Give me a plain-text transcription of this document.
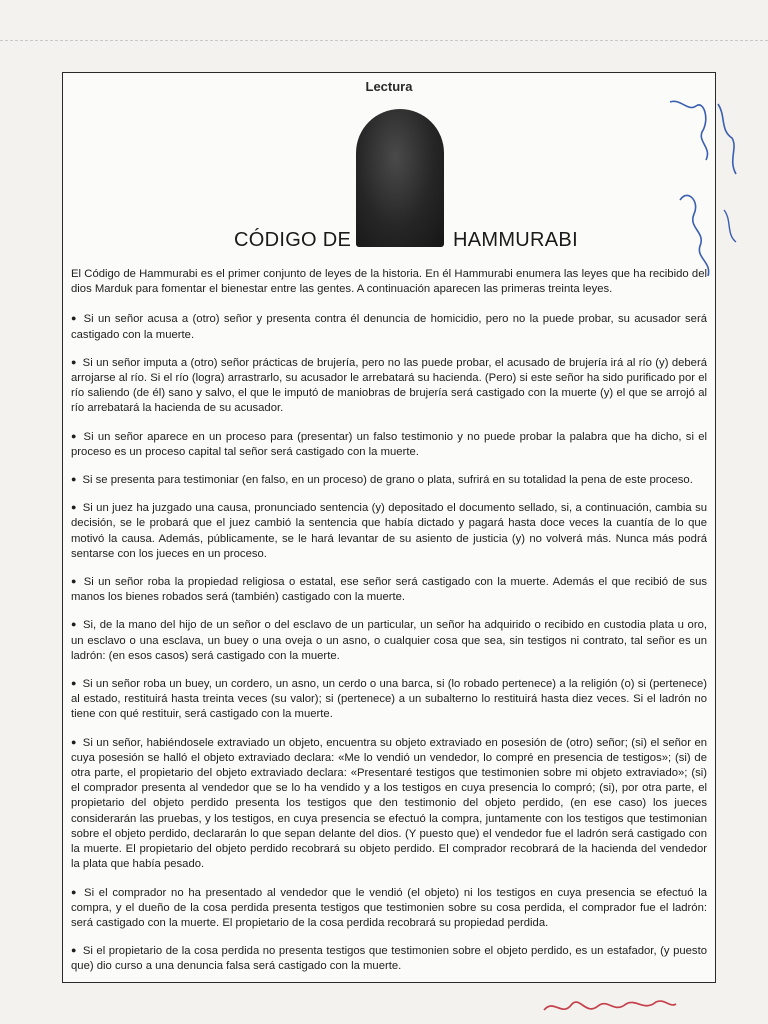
Lectura
CÓDIGO DE	HAMMURABI

El Código de Hammurabi es el primer conjunto de leyes de la historia. En él Hammurabi enumera las leyes que ha recibido del dios Marduk para fomentar el bienestar entre las gentes. A continuación aparecen las primeras treinta leyes.

● Si un señor acusa a (otro) señor y presenta contra él denuncia de homicidio, pero no la puede probar, su acusador será castigado con la muerte.

● Si un señor imputa a (otro) señor prácticas de brujería, pero no las puede probar, el acusado de brujería irá al río (y) deberá arrojarse al río. Si el río (logra) arrastrarlo, su acusador le arrebatará su hacienda. (Pero) si este señor ha sido purificado por el río saliendo (de él) sano y salvo, el que le imputó de maniobras de brujería será castigado con la muerte (y) el que se arrojó al río arrebatará la hacienda de su acusador.

● Si un señor aparece en un proceso para (presentar) un falso testimonio y no puede probar la palabra que ha dicho, si el proceso es un proceso capital tal señor será castigado con la muerte.

● Si se presenta para testimoniar (en falso, en un proceso) de grano o plata, sufrirá en su totalidad la pena de este proceso.

● Si un juez ha juzgado una causa, pronunciado sentencia (y) depositado el documento sellado, si, a continuación, cambia su decisión, se le probará que el juez cambió la sentencia que había dictado y pagará hasta doce veces la cuantía de lo que motivó la causa. Además, públicamente, se le hará levantar de su asiento de justicia (y) no volverá más. Nunca más podrá sentarse con los jueces en un proceso.

● Si un señor roba la propiedad religiosa o estatal, ese señor será castigado con la muerte. Además el que recibió de sus manos los bienes robados será (también) castigado con la muerte.

● Si, de la mano del hijo de un señor o del esclavo de un particular, un señor ha adquirido o recibido en custodia plata u oro, un esclavo o una esclava, un buey o una oveja o un asno, o cualquier cosa que sea, sin testigos ni contrato, tal señor es un ladrón: (en esos casos) será castigado con la muerte.

● Si un señor roba un buey, un cordero, un asno, un cerdo o una barca, si (lo robado pertenece) a la religión (o) si (pertenece) al estado, restituirá hasta treinta veces (su valor); si (pertenece) a un subalterno lo restituirá hasta diez veces. Si el ladrón no tiene con qué restituir, será castigado con la muerte.

● Si un señor, habiéndosele extraviado un objeto, encuentra su objeto extraviado en posesión de (otro) señor; (si) el señor en cuya posesión se halló el objeto extraviado declara: «Me lo vendió un vendedor, lo compré en presencia de testigos»; (si) de otra parte, el propietario del objeto extraviado declara: «Presentaré testigos que testimonien sobre mi objeto extraviado»; (si) el comprador presenta al vendedor que se lo ha vendido y a los testigos en cuya presencia lo compró; (si), por otra parte, el propietario del objeto perdido presenta los testigos que den testimonio del objeto perdido, (en ese caso) los jueces considerarán las pruebas, y los testigos, en cuya presencia se efectuó la compra, juntamente con los testigos que testimonian sobre el objeto perdido, declararán lo que sepan delante del dios. (Y puesto que) el vendedor fue el ladrón será castigado con la muerte. El propietario del objeto perdido recobrará su objeto perdido. El comprador recobrará de la hacienda del vendedor la plata que había pesado.

● Si el comprador no ha presentado al vendedor que le vendió (el objeto) ni los testigos en cuya presencia se efectuó la compra, y el dueño de la cosa perdida presenta testigos que testimonien sobre su cosa perdida, el comprador fue el ladrón: será castigado con la muerte. El propietario de la cosa perdida recobrará su propiedad perdida.

● Si el propietario de la cosa perdida no presenta testigos que testimonien sobre el objeto perdido, es un estafador, (y puesto que) dio curso a una denuncia falsa será castigado con la muerte.
